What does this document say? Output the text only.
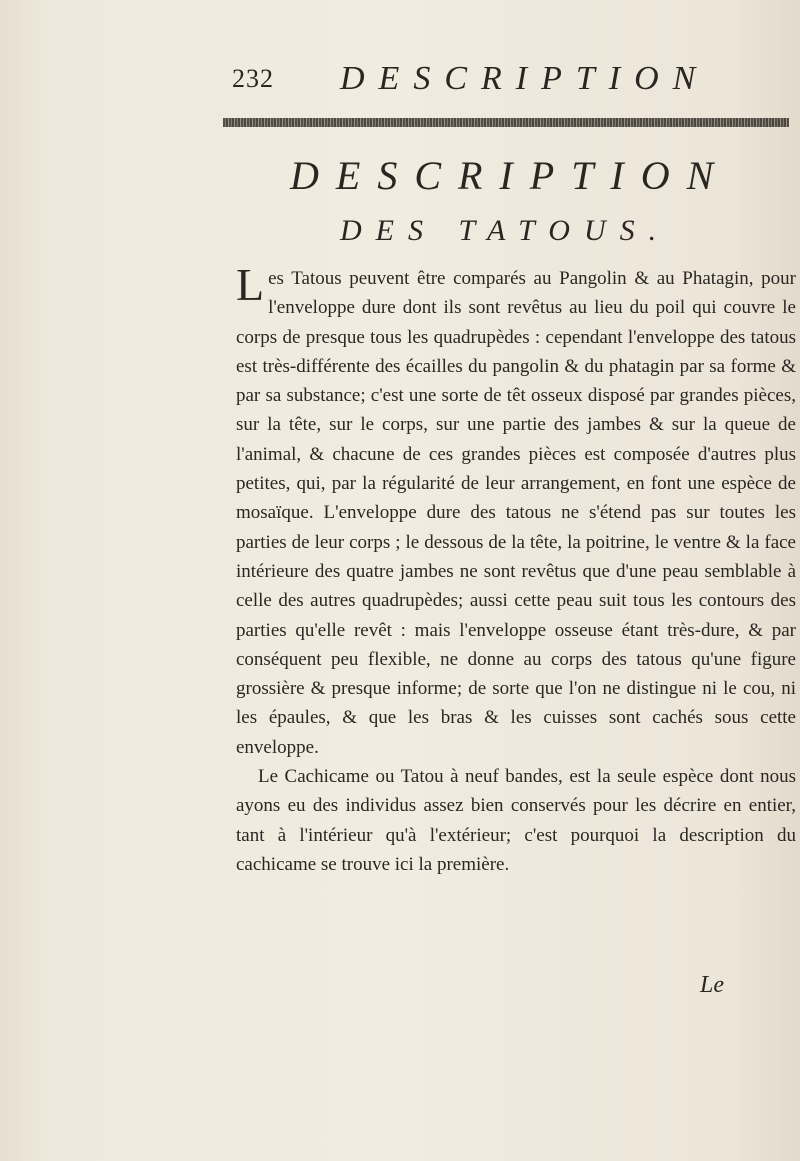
232 DESCRIPTION
DESCRIPTION
DES TATOUS.

Les Tatous peuvent être comparés au Pangolin & au Phatagin, pour l'enveloppe dure dont ils sont revêtus au lieu du poil qui couvre le corps de presque tous les quadrupèdes : cependant l'enveloppe des tatous est très-différente des écailles du pangolin & du phatagin par sa forme & par sa substance; c'est une sorte de têt osseux disposé par grandes pièces, sur la tête, sur le corps, sur une partie des jambes & sur la queue de l'animal, & chacune de ces grandes pièces est composée d'autres plus petites, qui, par la régularité de leur arrangement, en font une espèce de mosaïque. L'enveloppe dure des tatous ne s'étend pas sur toutes les parties de leur corps ; le dessous de la tête, la poitrine, le ventre & la face intérieure des quatre jambes ne sont revêtus que d'une peau semblable à celle des autres quadrupèdes; aussi cette peau suit tous les contours des parties qu'elle revêt : mais l'enveloppe osseuse étant très-dure, & par conséquent peu flexible, ne donne au corps des tatous qu'une figure grossière & presque informe; de sorte que l'on ne distingue ni le cou, ni les épaules, & que les bras & les cuisses sont cachés sous cette enveloppe.

Le Cachicame ou Tatou à neuf bandes, est la seule espèce dont nous ayons eu des individus assez bien conservés pour les décrire en entier, tant à l'intérieur qu'à l'extérieur; c'est pourquoi la description du cachicame se trouve ici la première.

Le
